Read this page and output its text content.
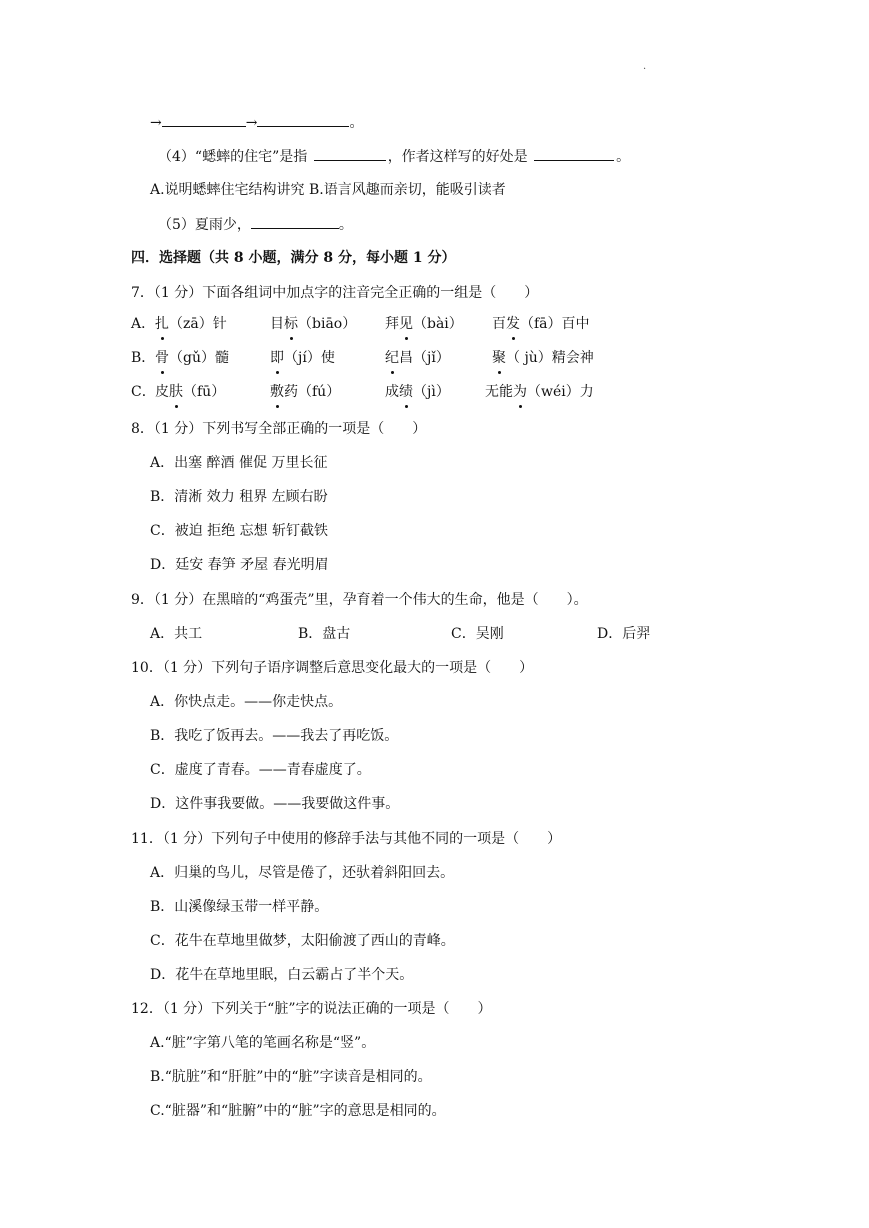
·
→	→	。
（4）“蟋蟀的住宅”是指	，作者这样写的好处是	。
A.说明蟋蟀住宅结构讲究 B.语言风趣而亲切，能吸引读者
（5）夏雨少，	。
四．选择题（共 8 小题，满分 8 分，每小题 1 分）
7．（1 分）下面各组词中加点字的注音完全正确的一组是（　　）
A． 扎（zā）针	目标（biāo） 拜见（bài） 百发（fā）百中
B． 骨（gǔ）髓	即（jí）使	纪昌（jǐ）	聚（ jù）精会神
C． 皮肤（fū）	敷药（fú）	成绩（jì）	无能为（wéi）力
8．（1 分）下列书写全部正确的一项是（　　）
A．出塞 醉酒 催促 万里长征
B．清淅 效力 租界 左顾右盼
C．被迫 拒绝 忘想 斩钉截铁
D．廷安 春笋 矛屋 春光明眉
9．（1 分）在黑暗的“鸡蛋壳”里，孕育着一个伟大的生命，他是（　　）。
A．共工	B．盘古	C．吴刚	D．后羿
10．（1 分）下列句子语序调整后意思变化最大的一项是（　　）
A．你快点走。——你走快点。
B．我吃了饭再去。——我去了再吃饭。
C．虚度了青春。——青春虚度了。
D．这件事我要做。——我要做这件事。
11．（1 分）下列句子中使用的修辞手法与其他不同的一项是（　　）
A．归巢的鸟儿，尽管是倦了，还驮着斜阳回去。
B．山溪像绿玉带一样平静。
C．花牛在草地里做梦，太阳偷渡了西山的青峰。
D．花牛在草地里眠，白云霸占了半个天。
12．（1 分）下列关于“脏”字的说法正确的一项是（　　）
A.“脏”字第八笔的笔画名称是“竖”。
B.“肮脏”和“肝脏”中的“脏”字读音是相同的。
C.“脏器”和“脏腑”中的“脏”字的意思是相同的。
